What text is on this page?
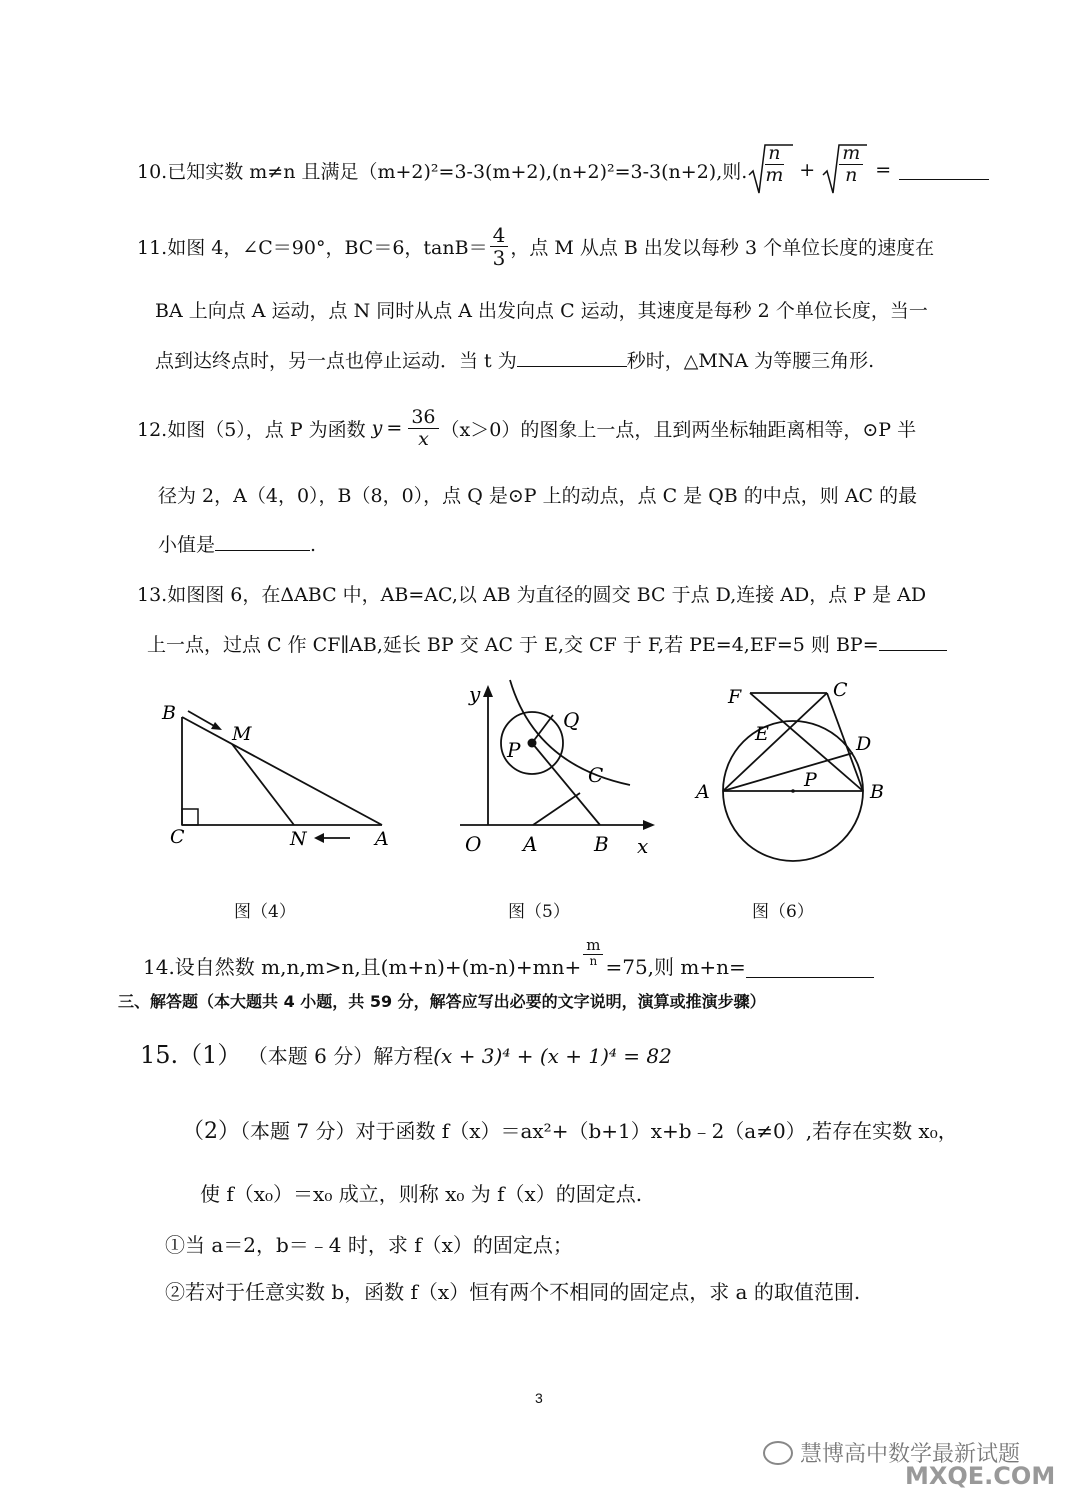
10.已知实数 m≠n 且满足（m+2)²=3-3(m+2),(n+2)²=3-3(n+2),则. $\frac{n}{m} + \frac{m}{n}$ =
11.如图 4，∠C＝90°，BC＝6，$\tan B= \frac{4}{3}$ ，点 M 从点 B 出发以每秒 3 个单位长度的速度在
BA 上向点 A 运动，点 N 同时从点 A 出发向点 C 运动，其速度是每秒 2 个单位长度，当一
点到达终点时，另一点也停止运动．当 t 为	秒时，△MNA 为等腰三角形.
12.如图（5），点 P 为函数 $y = \frac{36}{x} (x>0)$的图象上一点，且到两坐标轴距离相等，⊙P 半
径为 2，A（4，0），B（8，0），点 Q 是⊙P 上的动点，点 C 是 QB 的中点，则 AC 的最
小值是	.
13.如图图 6，在ΔABC 中，AB=AC,以 AB 为直径的圆交 BC 于点 D,连接 AD，点 P 是 AD
上一点，过点 C 作 CF∥AB,延长 BP 交 AC 于 E,交 CF 于 F,若 PE=4,EF=5 则 BP=
B
M
C	N	A
图（4）
y
Q
P
C
O A	B x
图（5）
F	C
E	D
P
A	B
图（6）
14.设自然数 m,n,m>n,且$(m+n)+(m-n)+mn+ \frac{m}{n} =75$,则 m+n=
三、解答题（本大题共 4 小题，共 59 分，解答应写出必要的文字说明，演算或推演步骤）
15.（1） （本题 6 分）解方程(x + 3)⁴ + (x + 1)⁴ = 82
（2）（本题 7 分）对于函数 f（x）＝ax²+（b+1）x+b﹣2（a≠0）,若存在实数 x₀，
使 f（x₀）＝x₀ 成立，则称 x₀ 为 f（x）的固定点.
①当 a＝2，b＝﹣4 时，求 f（x）的固定点；
②若对于任意实数 b，函数 f（x）恒有两个不相同的固定点，求 a 的取值范围.
3
慧博高中数学最新试题
MXQE.COM
